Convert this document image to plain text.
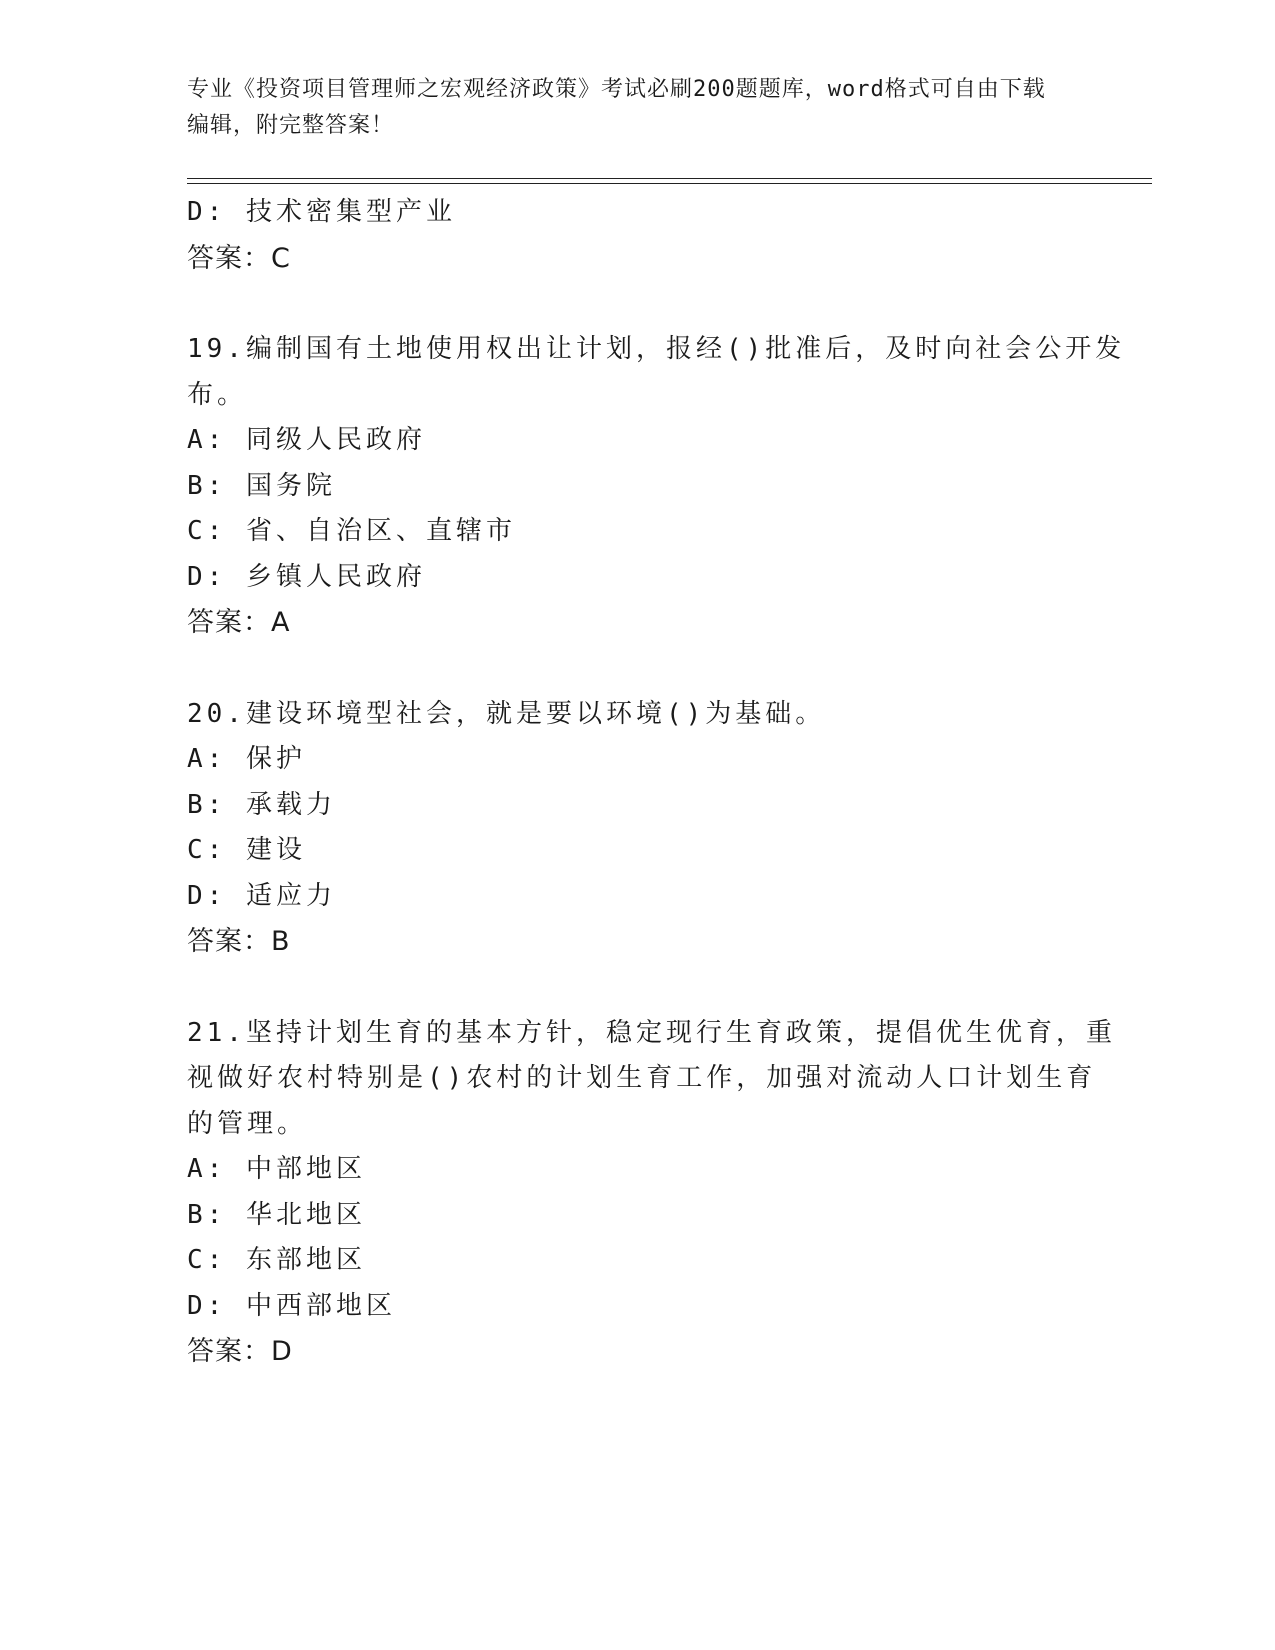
专业《投资项目管理师之宏观经济政策》考试必刷200题题库，word格式可自由下载编辑，附完整答案！
D: 技术密集型产业
答案：C
19.编制国有土地使用权出让计划，报经()批准后，及时向社会公开发
布。
A: 同级人民政府
B: 国务院
C: 省、自治区、直辖市
D: 乡镇人民政府
答案：A
20.建设环境型社会，就是要以环境()为基础。
A: 保护
B: 承载力
C: 建设
D: 适应力
答案：B
21.坚持计划生育的基本方针，稳定现行生育政策，提倡优生优育，重
视做好农村特别是()农村的计划生育工作，加强对流动人口计划生育
的管理。
A: 中部地区
B: 华北地区
C: 东部地区
D: 中西部地区
答案：D
